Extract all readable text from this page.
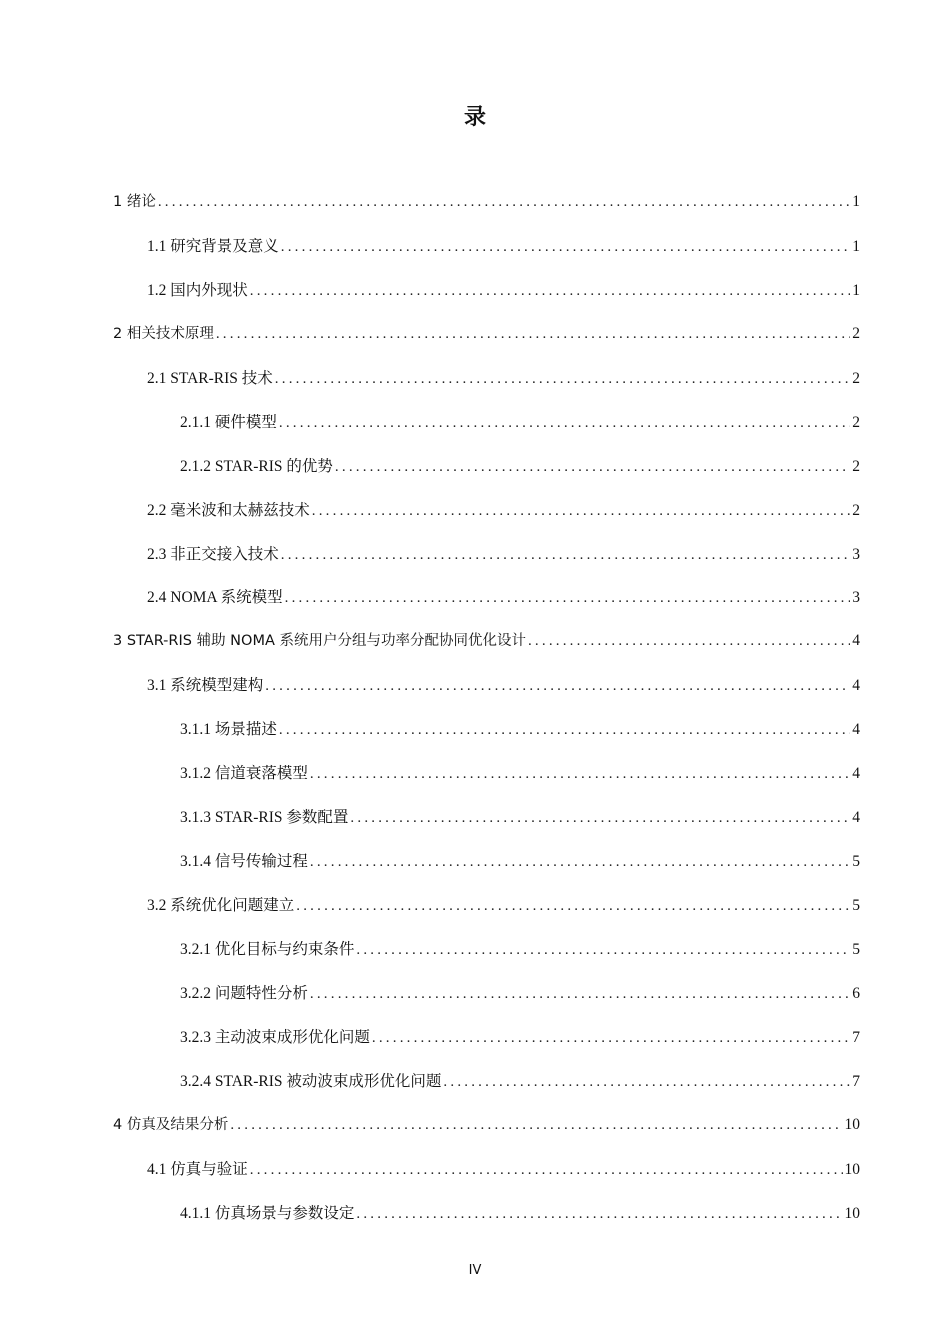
录
1 绪论 .....	1
1.1 研究背景及意义 .....	1
1.2 国内外现状 .....	1
2 相关技术原理 .....	2
2.1 STAR-RIS 技术 .....	2
2.1.1 硬件模型 .....	2
2.1.2 STAR-RIS 的优势 .....	2
2.2 毫米波和太赫兹技术 .....	2
2.3 非正交接入技术 .....	3
2.4 NOMA 系统模型 .....	3
3 STAR-RIS 辅助 NOMA 系统用户分组与功率分配协同优化设计 .....	4
3.1 系统模型建构 .....	4
3.1.1 场景描述 .....	4
3.1.2 信道衰落模型 .....	4
3.1.3 STAR-RIS 参数配置 .....	4
3.1.4 信号传输过程 .....	5
3.2 系统优化问题建立 .....	5
3.2.1 优化目标与约束条件 .....	5
3.2.2 问题特性分析 .....	6
3.2.3 主动波束成形优化问题 .....	7
3.2.4 STAR-RIS 被动波束成形优化问题 .....	7
4 仿真及结果分析 .....	10
4.1 仿真与验证 .....	10
4.1.1 仿真场景与参数设定 .....	10
IV
